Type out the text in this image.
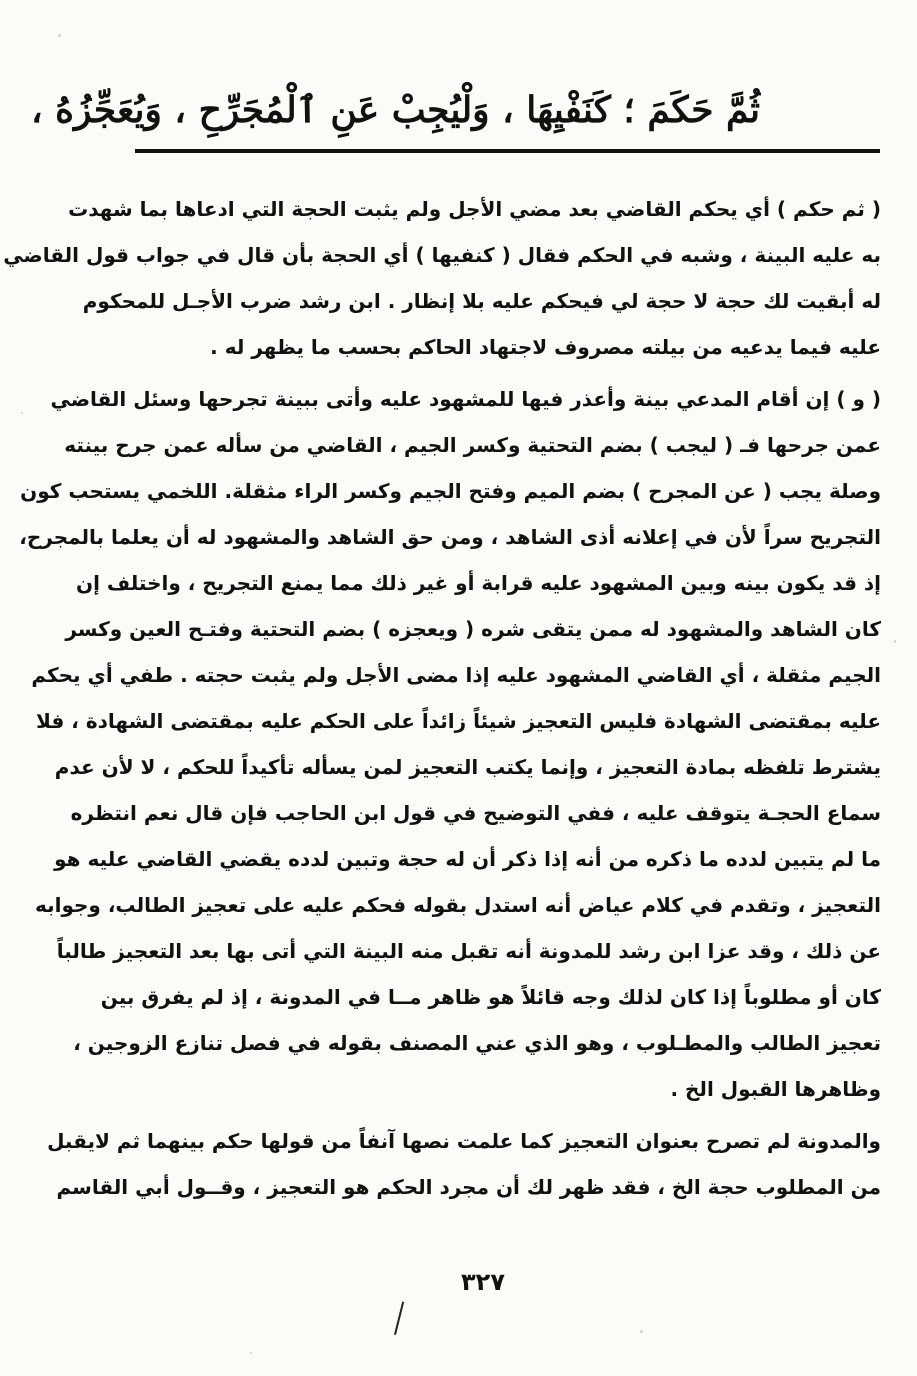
ثُمَّ حَكَمَ ؛ كَنَفْيِهَا ، وَلْيُجِبْ عَنِ ٱلْمُجَرِّحِ ، وَيُعَجِّزُهُ ،
( ثم حكم ) أي يحكم القاضي بعد مضي الأجل ولم يثبت الحجة التي ادعاها بما شهدت
به عليه البينة ، وشبه في الحكم فقال ( كنفيها ) أي الحجة بأن قال في جواب قول القاضي
له أبقيت لك حجة لا حجة لي فيحكم عليه بلا إنظار . ابن رشد ضرب الأجـل للمحكوم
عليه فيما يدعيه من بيلته مصروف لاجتهاد الحاكم بحسب ما يظهر له .
( و ) إن أقام المدعي بينة وأعذر فيها للمشهود عليه وأتى ببينة تجرحها وسئل القاضي
عمن جرحها فـ ( ليجب ) بضم التحتية وكسر الجيم ، القاضي من سأله عمن جرح بينته
وصلة يجب ( عن المجرح ) بضم الميم وفتح الجيم وكسر الراء مثقلة. اللخمي يستحب كون
التجريح سراً لأن في إعلانه أذى الشاهد ، ومن حق الشاهد والمشهود له أن يعلما بالمجرح،
إذ قد يكون بينه وبين المشهود عليه قرابة أو غير ذلك مما يمنع التجريح ، واختلف إن
كان الشاهد والمشهود له ممن يتقى شره ( ويعجزه ) بضم التحتية وفتـح العين وكسر
الجيم مثقلة ، أي القاضي المشهود عليه إذا مضى الأجل ولم يثبت حجته . طفي أي يحكم
عليه بمقتضى الشهادة فليس التعجيز شيئاً زائداً على الحكم عليه بمقتضى الشهادة ، فلا
يشترط تلفظه بمادة التعجيز ، وإنما يكتب التعجيز لمن يسأله تأكيداً للحكم ، لا لأن عدم
سماع الحجـة يتوقف عليه ، ففي التوضيح في قول ابن الحاجب فإن قال نعم انتظره
ما لم يتبين لدده ما ذكره من أنه إذا ذكر أن له حجة وتبين لدده يقضي القاضي عليه هو
التعجيز ، وتقدم في كلام عياض أنه استدل بقوله فحكم عليه على تعجيز الطالب، وجوابه
عن ذلك ، وقد عزا ابن رشد للمدونة أنه تقبل منه البينة التي أتى بها بعد التعجيز طالباً
كان أو مطلوباً إذا كان لذلك وجه قائلاً هو ظاهر مــا في المدونة ، إذ لم يفرق بين
تعجيز الطالب والمطـلوب ، وهو الذي عني المصنف بقوله في فصل تنازع الزوجين ،
وظاهرها القبول الخ .
والمدونة لم تصرح بعنوان التعجيز كما علمت نصها آنفاً من قولها حكم بينهما ثم لايقبل
من المطلوب حجة الخ ، فقد ظهر لك أن مجرد الحكم هو التعجيز ، وقــول أبي القاسم
٣٢٧
